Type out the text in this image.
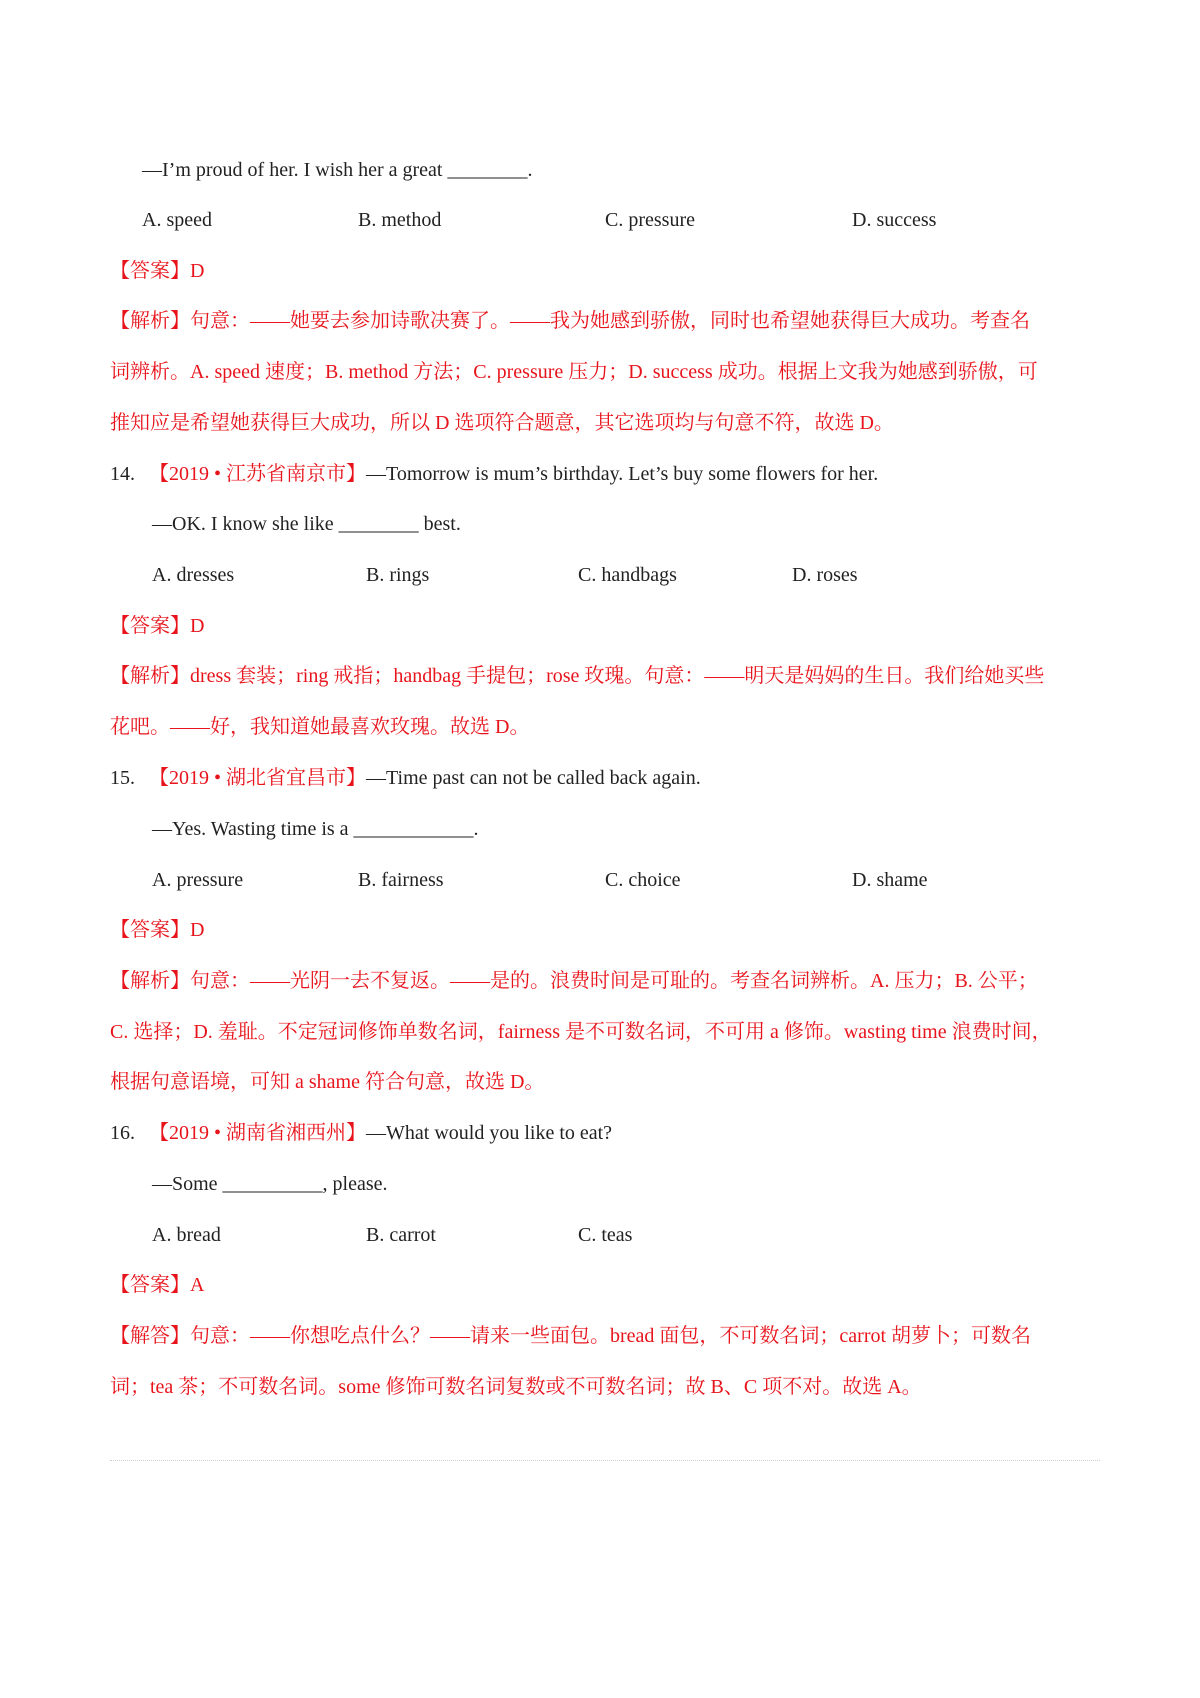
—I’m proud of her. I wish her a great ________.
A. speed	B. method	C. pressure	D. success
【答案】D
【解析】句意：——她要去参加诗歌决赛了。——我为她感到骄傲，同时也希望她获得巨大成功。考查名
词辨析。A. speed 速度；B. method 方法；C. pressure 压力；D. success 成功。根据上文我为她感到骄傲，可
推知应是希望她获得巨大成功，所以 D 选项符合题意，其它选项均与句意不符，故选 D。
14. 【2019 • 江苏省南京市】—Tomorrow is mum’s birthday. Let’s buy some flowers for her.
—OK. I know she like ________ best.
A. dresses	B. rings	C. handbags	D. roses
【答案】D
【解析】dress 套装；ring 戒指；handbag 手提包；rose 玫瑰。句意：——明天是妈妈的生日。我们给她买些
花吧。——好，我知道她最喜欢玫瑰。故选 D。
15. 【2019 • 湖北省宜昌市】—Time past can not be called back again.
—Yes. Wasting time is a ____________.
A. pressure	B. fairness	C. choice	D. shame
【答案】D
【解析】句意：——光阴一去不复返。——是的。浪费时间是可耻的。考查名词辨析。A. 压力；B. 公平；
C. 选择；D. 羞耻。不定冠词修饰单数名词，fairness 是不可数名词，不可用 a 修饰。wasting time 浪费时间，
根据句意语境，可知 a shame 符合句意，故选 D。
16. 【2019 • 湖南省湘西州】—What would you like to eat?
—Some __________, please.
A. bread	B. carrot	C. teas
【答案】A
【解答】句意：——你想吃点什么？——请来一些面包。bread 面包，不可数名词；carrot 胡萝卜；可数名
词；tea 茶；不可数名词。some 修饰可数名词复数或不可数名词；故 B、C 项不对。故选 A。
